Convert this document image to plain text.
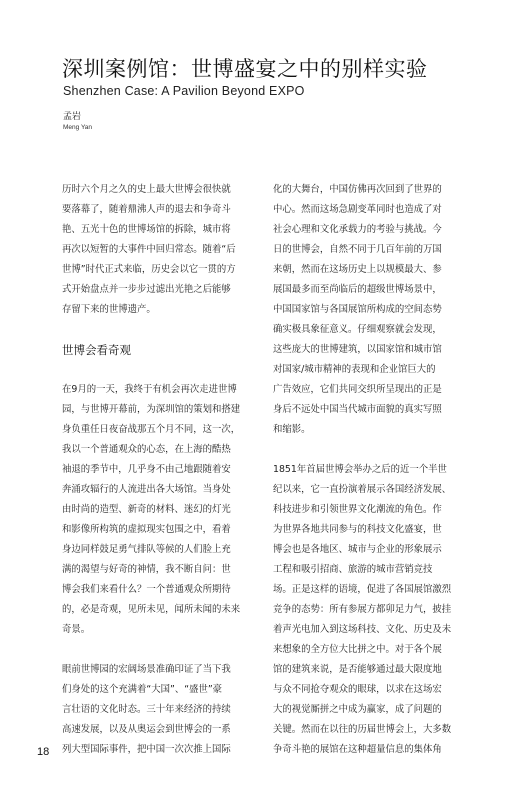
深圳案例馆：世博盛宴之中的别样实验
Shenzhen Case: A Pavilion Beyond EXPO
孟岩
Meng Yan
历时六个月之久的史上最大世博会很快就
要落幕了，随着鼎沸人声的退去和争奇斗
艳、五光十色的世博场馆的拆除，城市将
再次以短暂的大事件中回归常态。随着“后
世博”时代正式来临，历史会以它一贯的方
式开始盘点并一步步过滤出光艳之后能够
存留下来的世博遗产。
世博会看奇观
在9月的一天，我终于有机会再次走进世博
园，与世博开幕前，为深圳馆的策划和搭建
身负重任日夜奋战那五个月不同，这一次，
我以一个普通观众的心态，在上海的酷热
袖退的季节中，几乎身不由己地跟随着安
奔涌攻辐行的人流进出各大场馆。当身处
由时尚的造型、新奇的材料、迷幻的灯光
和影像所构筑的虚拟现实包围之中，看着
身边同样鼓足勇气排队等候的人们脸上充
满的渴望与好奇的神情，我不断自问：世
博会我们来看什么？一个普通观众所期待
的，必是奇观，见所未见，闻所未闻的未来
奇景。
眼前世博园的宏阔场景准确印证了当下我
们身处的这个充满着“大国”、“盛世”豪
言壮语的文化时态。三十年来经济的持续
高速发展，以及从奥运会到世博会的一系
列大型国际事件，把中国一次次推上国际
化的大舞台，中国仿佛再次回到了世界的
中心。然而这场急剧变革同时也造成了对
社会心理和文化承载力的考验与挑战。今
日的世博会，自然不同于几百年前的万国
来朝，然而在这场历史上以规模最大、参
展国最多而至尚临后的超级世博场景中，
中国国家馆与各国展馆所构成的空间态势
确实极具象征意义。仔细观察就会发现，
这些庞大的世博建筑，以国家馆和城市馆
对国家/城市精神的表现和企业馆巨大的
广告效应，它们共同交织所呈现出的正是
身后不远处中国当代城市面貌的真实写照
和缩影。
1851年首届世博会举办之后的近一个半世
纪以来，它一直扮演着展示各国经济发展、
科技进步和引领世界文化潮流的角色。作
为世界各地共同参与的科技文化盛宴，世
博会也是各地区、城市与企业的形象展示
工程和吸引招商、旅游的城市营销竞技
场。正是这样的语境，促进了各国展馆激烈
竞争的态势：所有参展方都卯足力气，披挂
着声光电加入到这场科技、文化、历史及未
来想象的全方位大比拼之中。对于各个展
馆的建筑来说，是否能够通过最大限度地
与众不同抢夺观众的眼球，以求在这场宏
大的视觉厮拼之中成为赢家，成了问题的
关键。然而在以往的历届世博会上，大多数
争奇斗艳的展馆在这种超量信息的集体角
18
